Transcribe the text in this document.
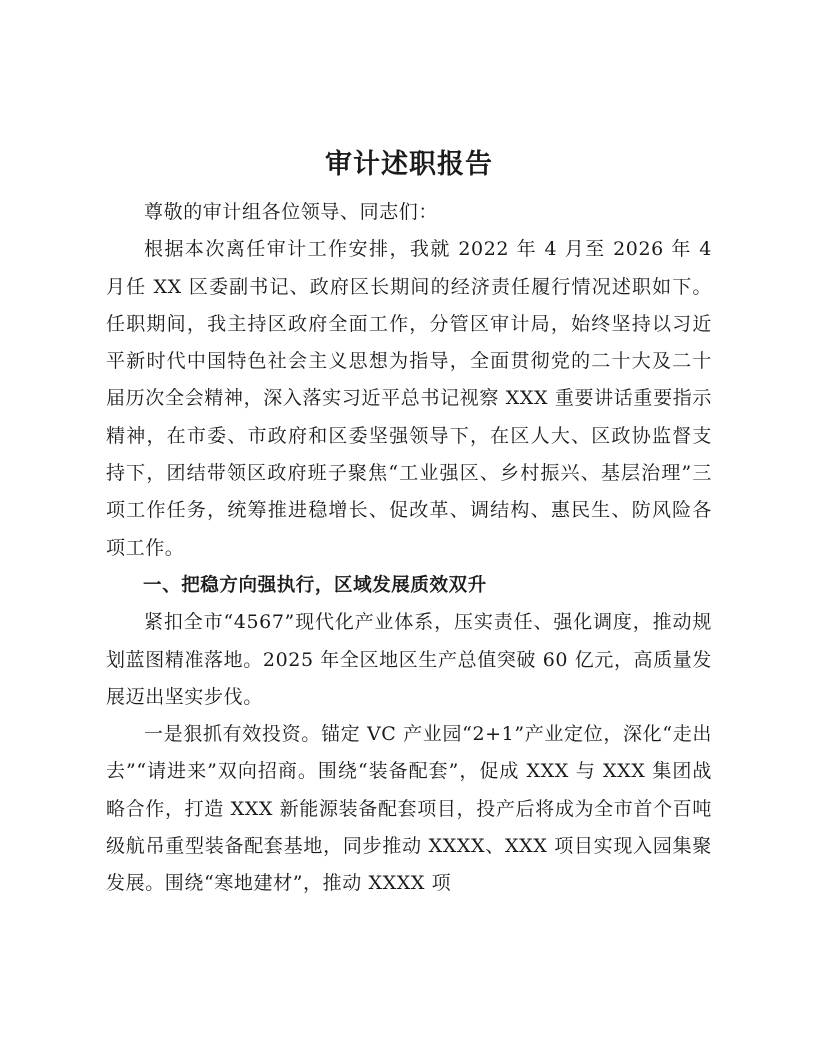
审计述职报告

尊敬的审计组各位领导、同志们：

根据本次离任审计工作安排，我就 2022 年 4 月至 2026 年 4 月任 XX 区委副书记、政府区长期间的经济责任履行情况述职如下。任职期间，我主持区政府全面工作，分管区审计局，始终坚持以习近平新时代中国特色社会主义思想为指导，全面贯彻党的二十大及二十届历次全会精神，深入落实习近平总书记视察 XXX 重要讲话重要指示精神，在市委、市政府和区委坚强领导下，在区人大、区政协监督支持下，团结带领区政府班子聚焦“工业强区、乡村振兴、基层治理”三项工作任务，统筹推进稳增长、促改革、调结构、惠民生、防风险各项工作。

一、把稳方向强执行，区域发展质效双升

紧扣全市“4567”现代化产业体系，压实责任、强化调度，推动规划蓝图精准落地。2025 年全区地区生产总值突破 60 亿元，高质量发展迈出坚实步伐。

一是狠抓有效投资。锚定 VC 产业园“2+1”产业定位，深化“走出去”“请进来”双向招商。围绕“装备配套”，促成 XXX 与 XXX 集团战略合作，打造 XXX 新能源装备配套项目，投产后将成为全市首个百吨级航吊重型装备配套基地，同步推动 XXXX、XXX 项目实现入园集聚发展。围绕“寒地建材”，推动 XXXX 项
